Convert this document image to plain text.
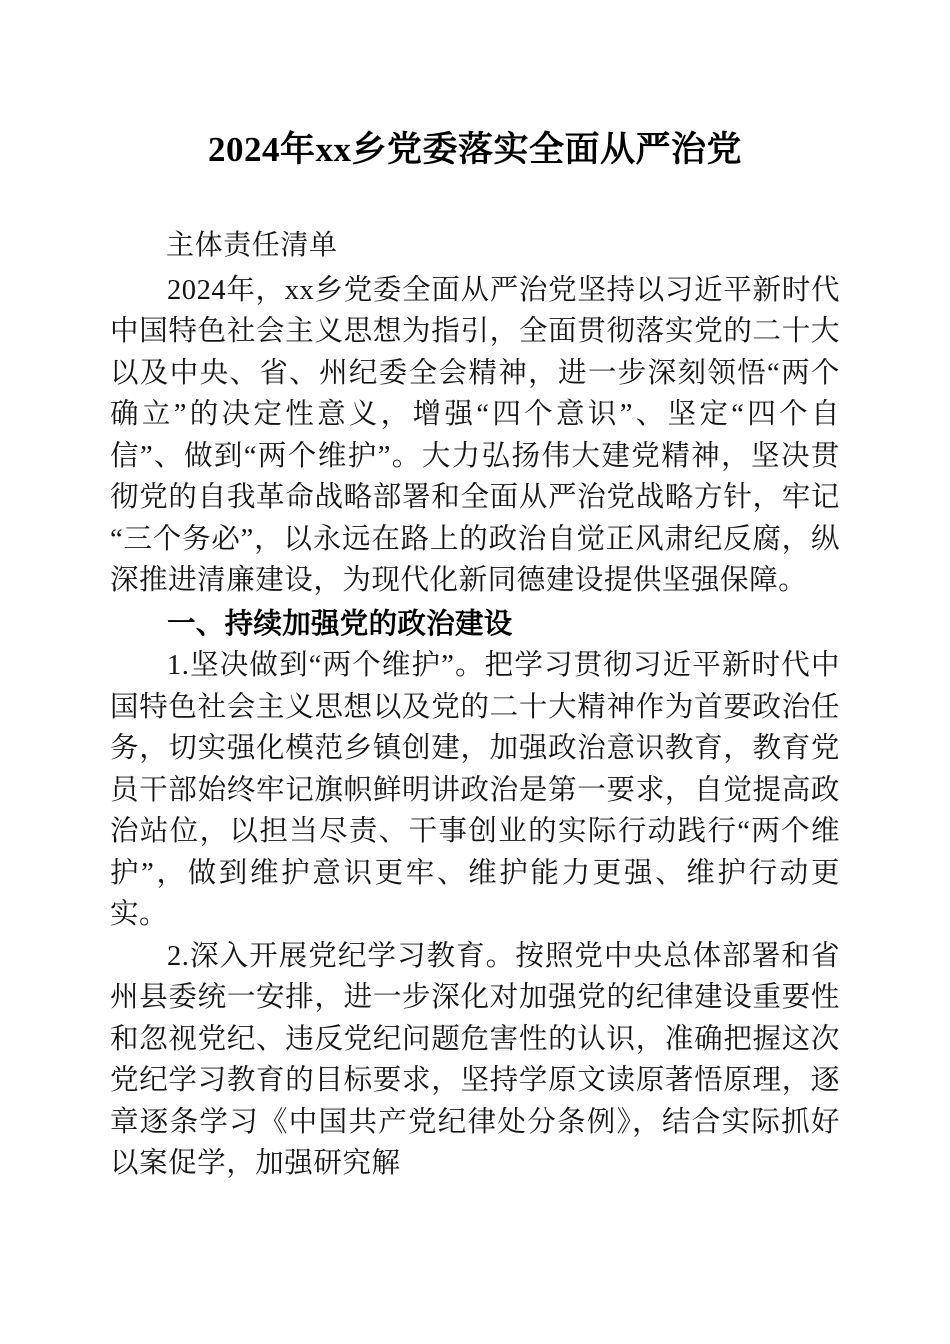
2024年xx乡党委落实全面从严治党

主体责任清单

2024年，xx乡党委全面从严治党坚持以习近平新时代中国特色社会主义思想为指引，全面贯彻落实党的二十大以及中央、省、州纪委全会精神，进一步深刻领悟“两个确立”的决定性意义，增强“四个意识”、坚定“四个自信”、做到“两个维护”。大力弘扬伟大建党精神，坚决贯彻党的自我革命战略部署和全面从严治党战略方针，牢记“三个务必”，以永远在路上的政治自觉正风肃纪反腐，纵深推进清廉建设，为现代化新同德建设提供坚强保障。

一、持续加强党的政治建设

1.坚决做到“两个维护”。把学习贯彻习近平新时代中国特色社会主义思想以及党的二十大精神作为首要政治任务，切实强化模范乡镇创建，加强政治意识教育，教育党员干部始终牢记旗帜鲜明讲政治是第一要求，自觉提高政治站位，以担当尽责、干事创业的实际行动践行“两个维护”，做到维护意识更牢、维护能力更强、维护行动更实。

2.深入开展党纪学习教育。按照党中央总体部署和省州县委统一安排，进一步深化对加强党的纪律建设重要性和忽视党纪、违反党纪问题危害性的认识，准确把握这次党纪学习教育的目标要求，坚持学原文读原著悟原理，逐章逐条学习《中国共产党纪律处分条例》，结合实际抓好以案促学，加强研究解
